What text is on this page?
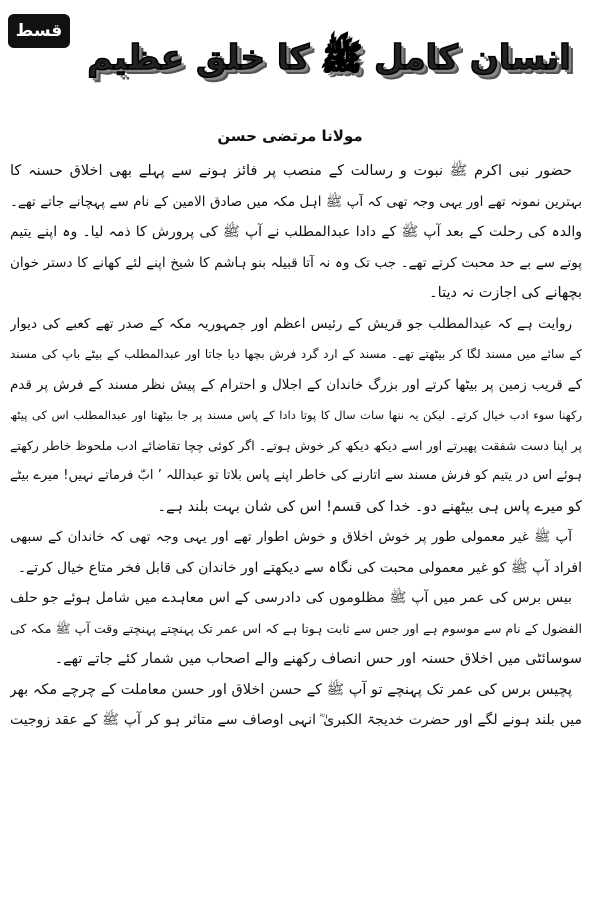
قسط نمبر1 انسان کامل ﷺ کا خلق عظیم
مولانا مرتضی حسن
حضور نبی اکرم ﷺ نبوت و رسالت کے منصب پر فائز ہونے سے پہلے بھی اخلاق حسنہ کا
بہترین نمونہ تھے اور یہی وجہ تھی کہ آپ ﷺ اہل مکہ میں صادق الامین کے نام سے پہچانے جاتے تھے۔
والدہ کی رحلت کے بعد آپ ﷺ کے دادا عبدالمطلب نے آپ ﷺ کی پرورش کا ذمہ لیا۔ وہ اپنے یتیم
پوتے سے بے حد محبت کرتے تھے۔ جب تک وہ نہ آتا قبیلہ بنو ہاشم کا شیخ اپنے لئے کھانے کا دستر خوان
بچھانے کی اجازت نہ دیتا۔
روایت ہے کہ عبدالمطلب جو قریش کے رئیس اعظم اور جمہوریہ مکہ کے صدر تھے کعبے کی دیوار
کے سائے میں مسند لگا کر بیٹھتے تھے۔ مسند کے ارد گرد فرش بچھا دیا جاتا اور عبدالمطلب کے بیٹے باپ کی مسند
کے قریب زمین پر بیٹھا کرتے اور بزرگ خاندان کے اجلال و احترام کے پیش نظر مسند کے فرش پر قدم
رکھنا سوء ادب خیال کرتے۔ لیکن یہ ننھا سات سال کا پوتا دادا کے پاس مسند پر جا بیٹھتا اور عبدالمطلب اس کی پیٹھ
پر اپنا دست شفقت پھیرتے اور اسے دیکھ دیکھ کر خوش ہوتے۔ اگر کوئی چچا تقاضائے ادب ملحوظ خاطر رکھتے
ہوئے اس در یتیم کو فرش مسند سے اتارنے کی خاطر اپنے پاس بلاتا تو عبداللہ ’ ابّ فرماتے نہیں! میرے بیٹے
کو میرے پاس ہی بیٹھنے دو۔ خدا کی قسم! اس کی شان بہت بلند ہے۔
آپ ﷺ غیر معمولی طور پر خوش اخلاق و خوش اطوار تھے اور یہی وجہ تھی کہ خاندان کے سبھی
افراد آپ ﷺ کو غیر معمولی محبت کی نگاہ سے دیکھتے اور خاندان کی قابل فخر متاع خیال کرتے۔
بیس برس کی عمر میں آپ ﷺ مظلوموں کی دادرسی کے اس معاہدے میں شامل ہوئے جو حلف
الفضول کے نام سے موسوم ہے اور جس سے ثابت ہوتا ہے کہ اس عمر تک پہنچتے پہنچتے وقت آپ ﷺ مکہ کی
سوسائٹی میں اخلاق حسنہ اور حس انصاف رکھنے والے اصحاب میں شمار کئے جاتے تھے۔
پچیس برس کی عمر تک پہنچے تو آپ ﷺ کے حسن اخلاق اور حسن معاملت کے چرچے مکہ بھر
میں بلند ہونے لگے اور حضرت خدیجۃ الکبریٰ ؓ انہی اوصاف سے متاثر ہو کر آپ ﷺ کے عقد زوجیت
